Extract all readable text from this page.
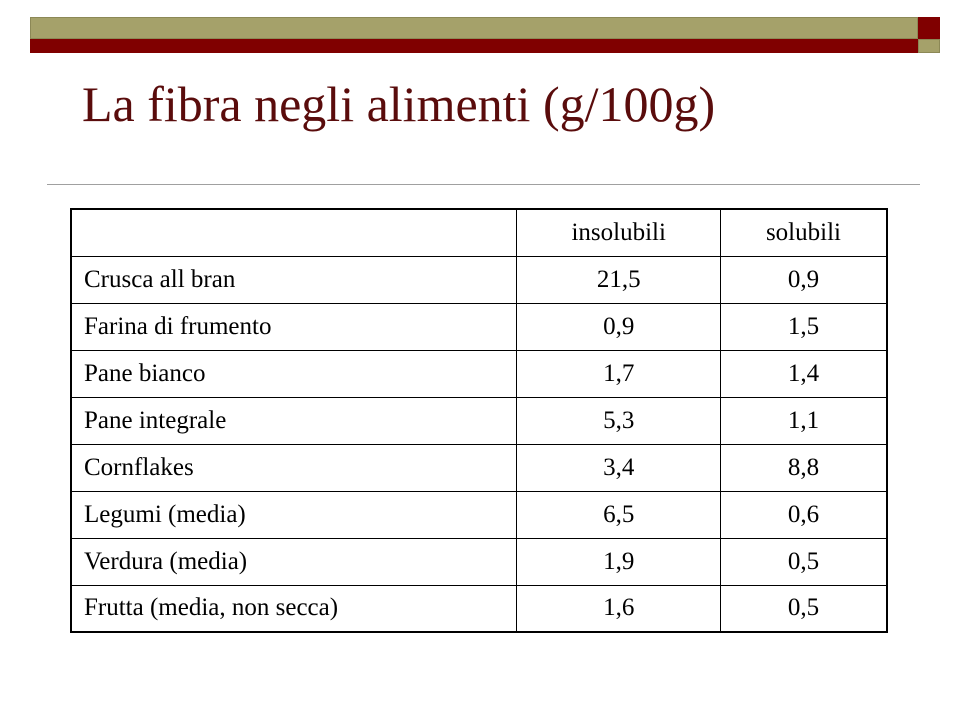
La fibra negli alimenti (g/100g)
	insolubili	solubili
Crusca all bran	21,5	0,9
Farina di frumento	0,9	1,5
Pane bianco	1,7	1,4
Pane integrale	5,3	1,1
Cornflakes	3,4	8,8
Legumi (media)	6,5	0,6
Verdura (media)	1,9	0,5
Frutta (media, non secca)	1,6	0,5
